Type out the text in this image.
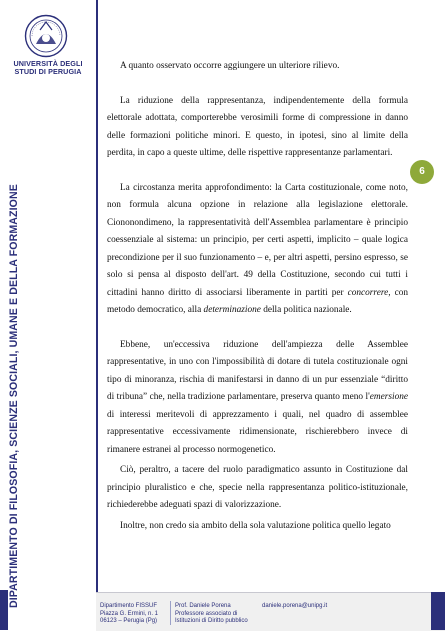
UNIVERSITÀ DEGLI STUDI DI PERUGIA
DIPARTIMENTO DI FILOSOFIA, SCIENZE SOCIALI, UMANE E DELLA FORMAZIONE
6

A quanto osservato occorre aggiungere un ulteriore rilievo.

La riduzione della rappresentanza, indipendentemente della formula elettorale adottata, comporterebbe verosimili forme di compressione in danno delle formazioni politiche minori. E questo, in ipotesi, sino al limite della perdita, in capo a queste ultime, delle rispettive rappresentanze parlamentari.

La circostanza merita approfondimento: la Carta costituzionale, come noto, non formula alcuna opzione in relazione alla legislazione elettorale. Ciononondimeno, la rappresentatività dell'Assemblea parlamentare è principio coessenziale al sistema: un principio, per certi aspetti, implicito – quale logica precondizione per il suo funzionamento – e, per altri aspetti, persino espresso, se solo si pensa al disposto dell'art. 49 della Costituzione, secondo cui tutti i cittadini hanno diritto di associarsi liberamente in partiti per concorrere, con metodo democratico, alla determinazione della politica nazionale.

Ebbene, un'eccessiva riduzione dell'ampiezza delle Assemblee rappresentative, in uno con l'impossibilità di dotare di tutela costituzionale ogni tipo di minoranza, rischia di manifestarsi in danno di un pur essenziale “diritto di tribuna” che, nella tradizione parlamentare, preserva quanto meno l'emersione di interessi meritevoli di apprezzamento i quali, nel quadro di assemblee rappresentative eccessivamente ridimensionate, rischierebbero invece di rimanere estranei al processo normogenetico.

Ciò, peraltro, a tacere del ruolo paradigmatico assunto in Costituzione dal principio pluralistico e che, specie nella rappresentanza politico-istituzionale, richiederebbe adeguati spazi di valorizzazione.

Inoltre, non credo sia ambito della sola valutazione politica quello legato

Dipartimento FISSUF
Piazza G. Ermini, n. 1
06123 – Perugia (Pg)
Prof. Daniele Porena
Professore associato di
Istituzioni di Diritto pubblico
daniele.porena@unipg.it
